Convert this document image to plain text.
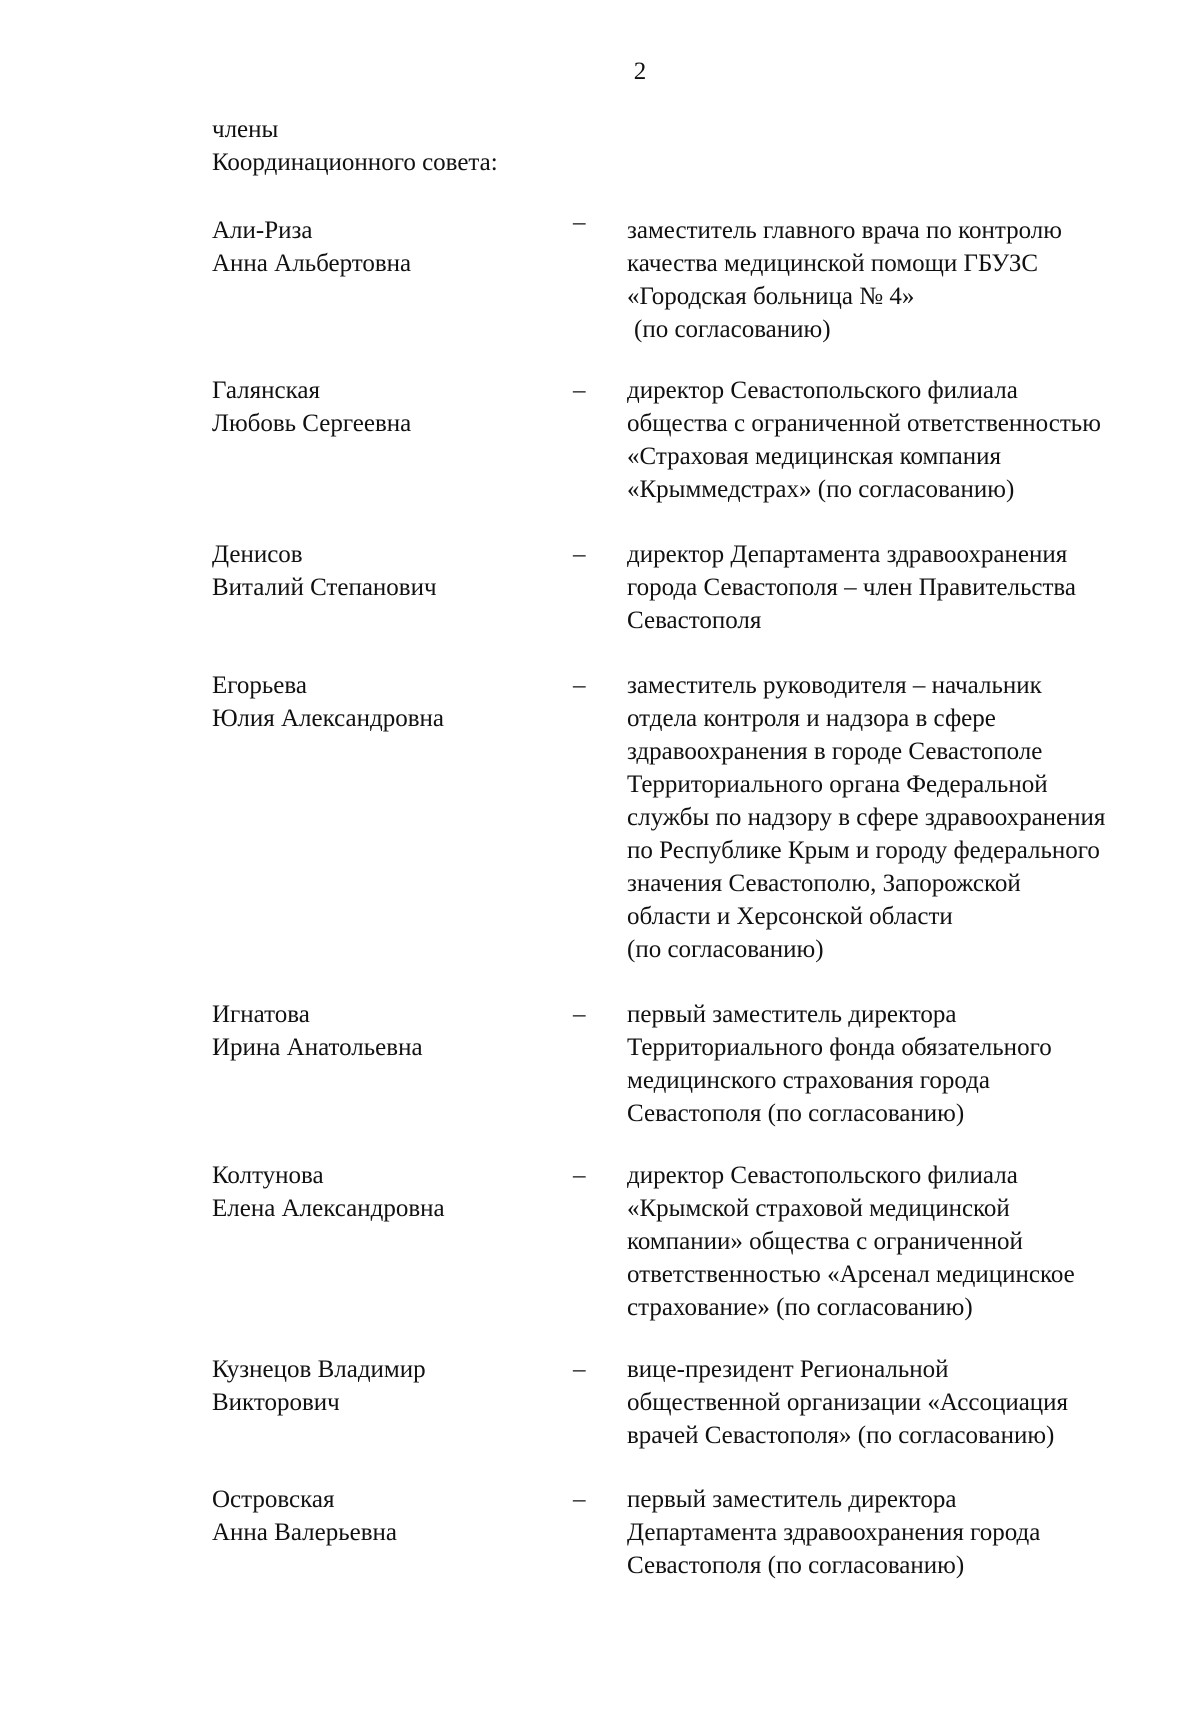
2
члены
Координационного совета:
Али-Риза
Анна Альбертовна
– заместитель главного врача по контролю
качества медицинской помощи ГБУЗС
«Городская больница № 4»
(по согласованию)
Галянская
Любовь Сергеевна
– директор Севастопольского филиала
общества с ограниченной ответственностью
«Страховая медицинская компания
«Крыммедстрах» (по согласованию)
Денисов
Виталий Степанович
– директор Департамента здравоохранения
города Севастополя – член Правительства
Севастополя
Егорьева
Юлия Александровна
– заместитель руководителя – начальник
отдела контроля и надзора в сфере
здравоохранения в городе Севастополе
Территориального органа Федеральной
службы по надзору в сфере здравоохранения
по Республике Крым и городу федерального
значения Севастополю, Запорожской
области и Херсонской области
(по согласованию)
Игнатова
Ирина Анатольевна
– первый заместитель директора
Территориального фонда обязательного
медицинского страхования города
Севастополя (по согласованию)
Колтунова
Елена Александровна
– директор Севастопольского филиала
«Крымской страховой медицинской
компании» общества с ограниченной
ответственностью «Арсенал медицинское
страхование» (по согласованию)
Кузнецов Владимир
Викторович
– вице-президент Региональной
общественной организации «Ассоциация
врачей Севастополя» (по согласованию)
Островская
Анна Валерьевна
– первый заместитель директора
Департамента здравоохранения города
Севастополя (по согласованию)
